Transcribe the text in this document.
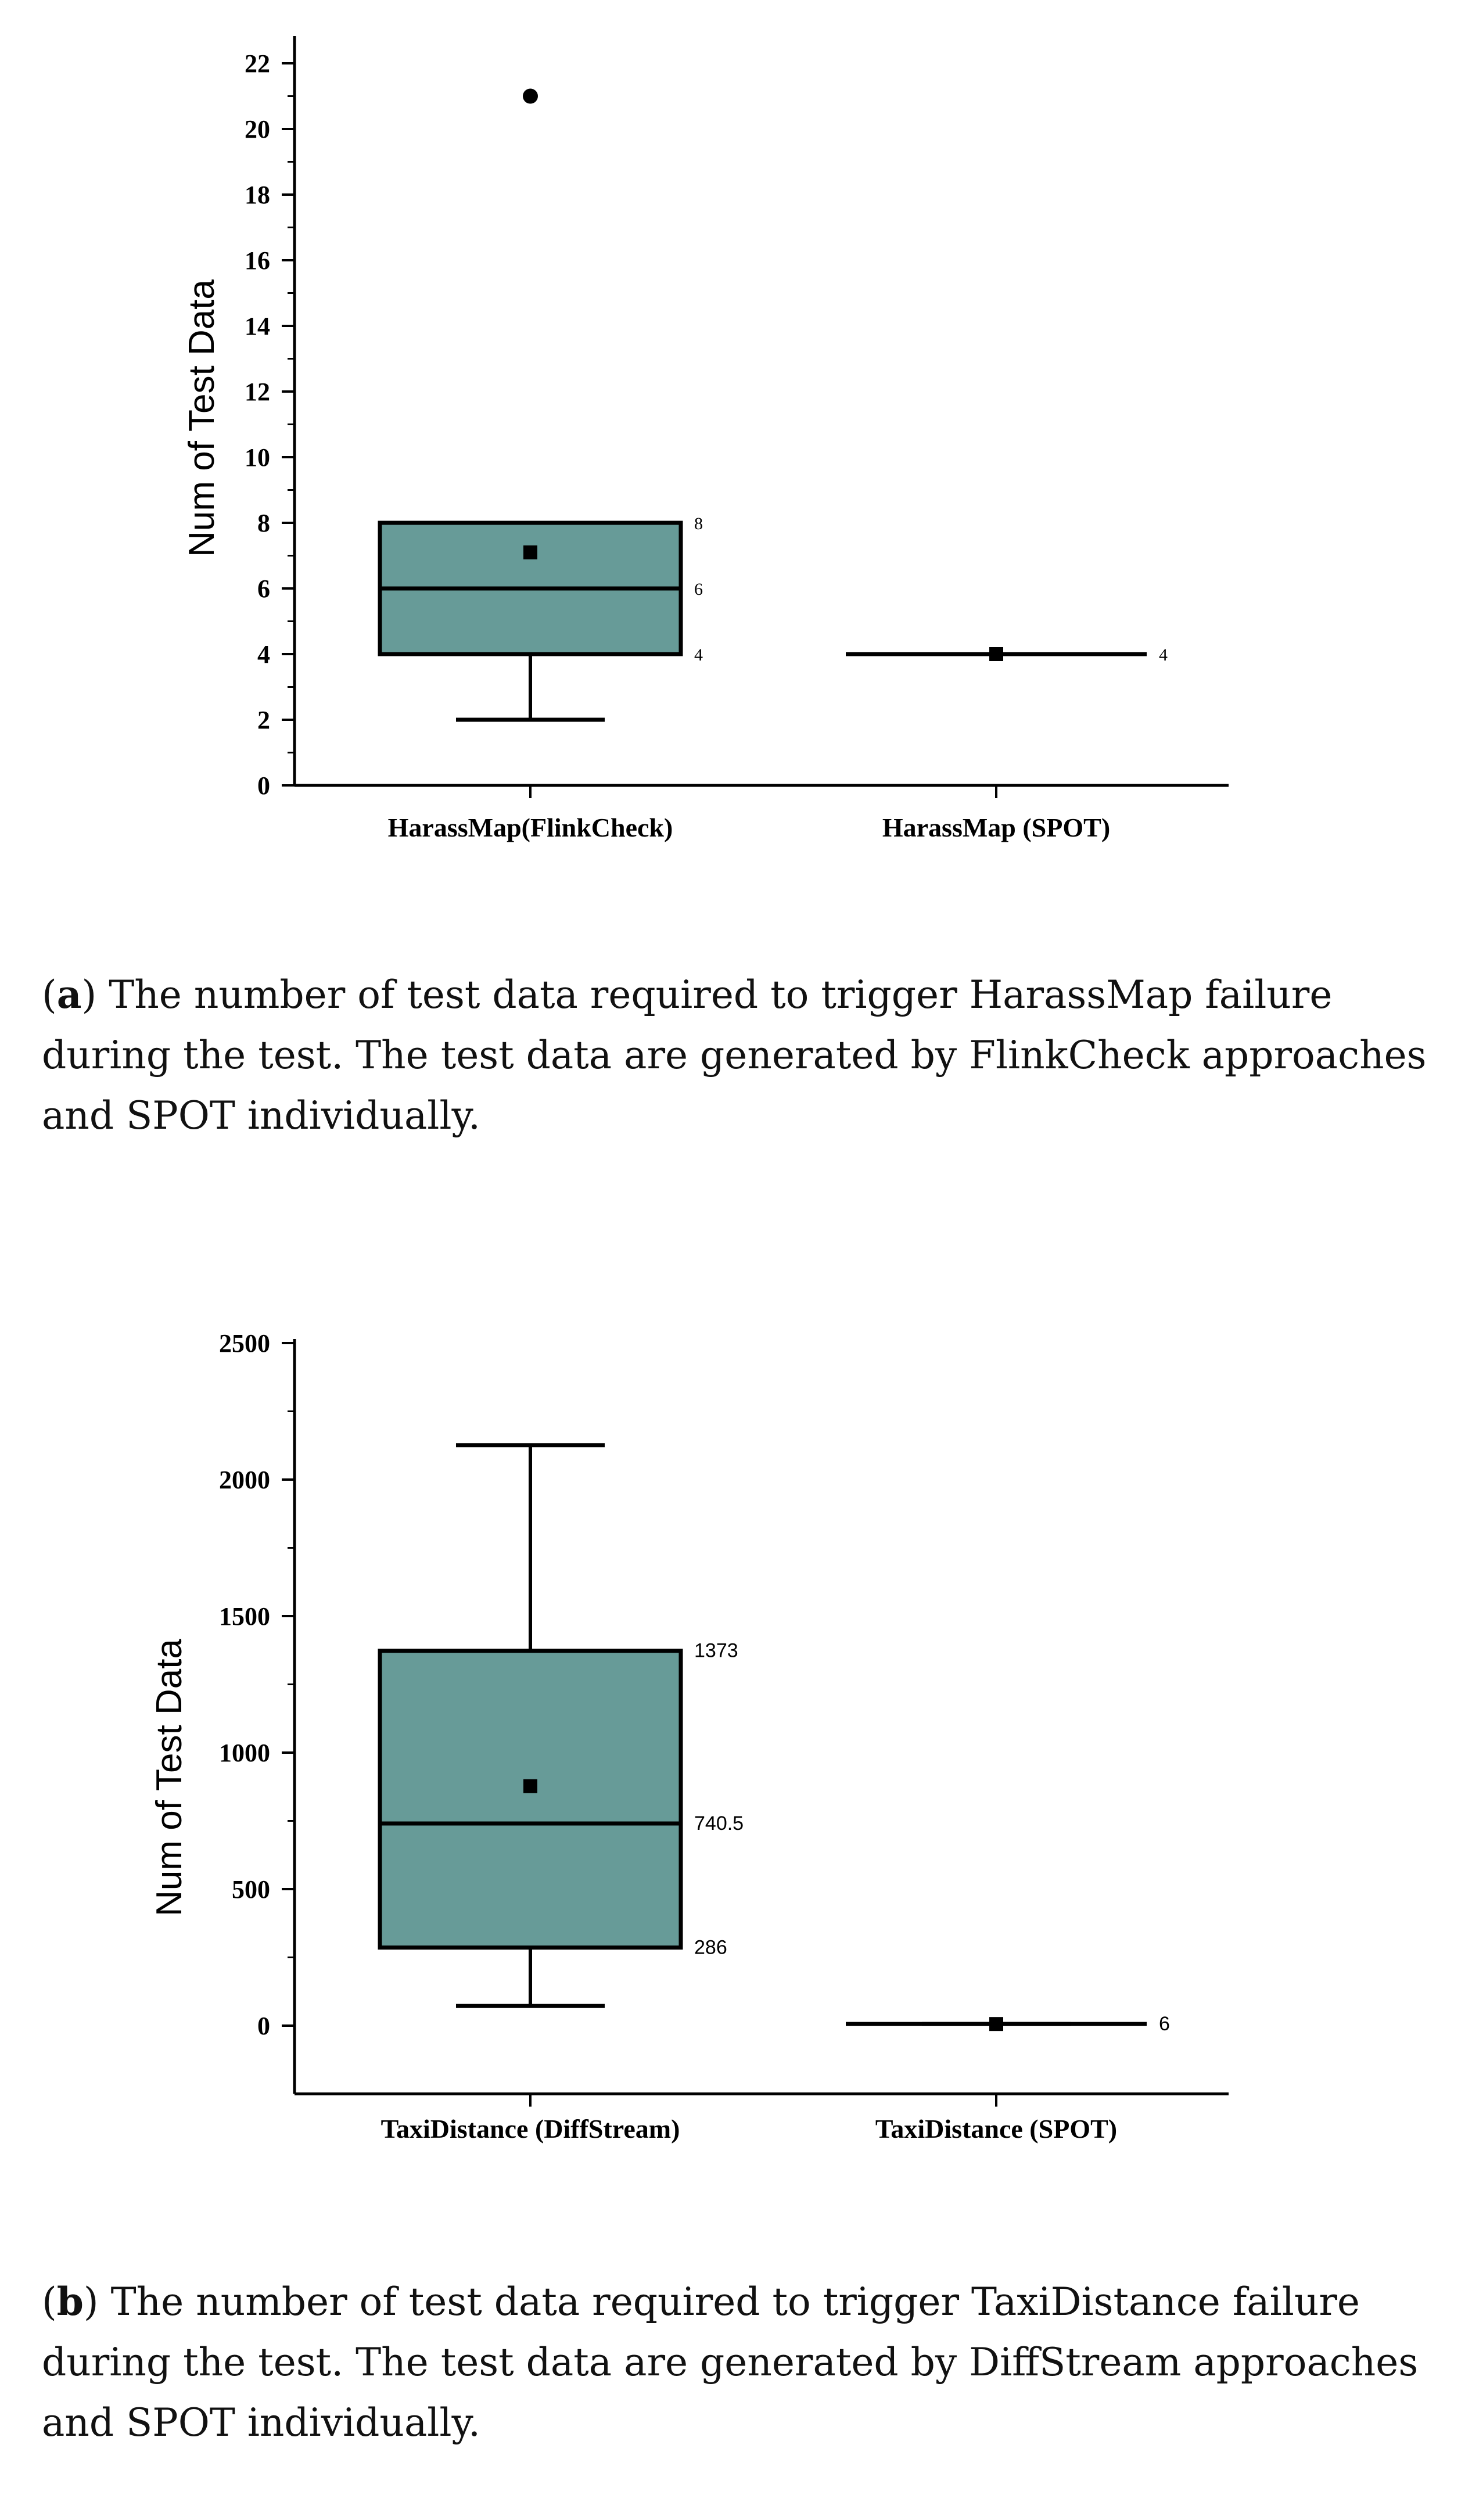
0
2
4
6
8
10
12
14
16
18
20
22
Num of Test Data
HarassMap(FlinkCheck)	HarassMap (SPOT)
8
6
4	4
(a) The number of test data required to trigger HarassMap failure during the test. The test data are generated by FlinkCheck approaches and SPOT individually.
0
500
1000
1500
2000
2500
Num of Test Data
TaxiDistance (DiffStream)	TaxiDistance (SPOT)
1373
740.5
286
6
(b) The number of test data required to trigger TaxiDistance failure during the test. The test data are generated by DiffStream approaches and SPOT individually.
